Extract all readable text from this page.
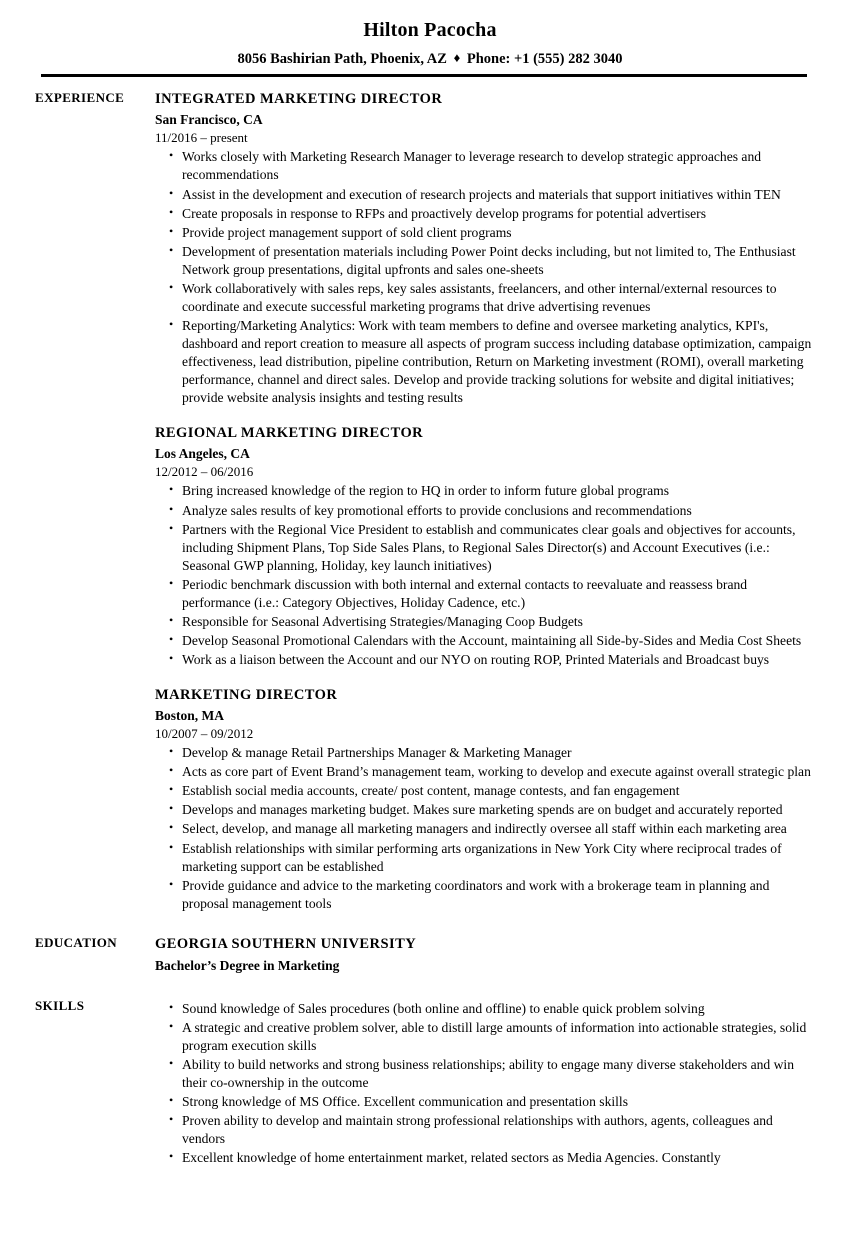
Hilton Pacocha
8056 Bashirian Path, Phoenix, AZ ♦ Phone: +1 (555) 282 3040
EXPERIENCE	INTEGRATED MARKETING DIRECTOR
San Francisco, CA
11/2016 – present
• Works closely with Marketing Research Manager to leverage research to develop strategic approaches and recommendations
• Assist in the development and execution of research projects and materials that support initiatives within TEN
• Create proposals in response to RFPs and proactively develop programs for potential advertisers
• Provide project management support of sold client programs
• Development of presentation materials including Power Point decks including, but not limited to, The Enthusiast Network group presentations, digital upfronts and sales one-sheets
• Work collaboratively with sales reps, key sales assistants, freelancers, and other internal/external resources to coordinate and execute successful marketing programs that drive advertising revenues
• Reporting/Marketing Analytics: Work with team members to define and oversee marketing analytics, KPI's, dashboard and report creation to measure all aspects of program success including database optimization, campaign effectiveness, lead distribution, pipeline contribution, Return on Marketing investment (ROMI), overall marketing performance, channel and direct sales. Develop and provide tracking solutions for website and digital initiatives; provide website analysis insights and testing results
REGIONAL MARKETING DIRECTOR
Los Angeles, CA
12/2012 – 06/2016
• Bring increased knowledge of the region to HQ in order to inform future global programs
• Analyze sales results of key promotional efforts to provide conclusions and recommendations
• Partners with the Regional Vice President to establish and communicates clear goals and objectives for accounts, including Shipment Plans, Top Side Sales Plans, to Regional Sales Director(s) and Account Executives (i.e.: Seasonal GWP planning, Holiday, key launch initiatives)
• Periodic benchmark discussion with both internal and external contacts to reevaluate and reassess brand performance (i.e.: Category Objectives, Holiday Cadence, etc.)
• Responsible for Seasonal Advertising Strategies/Managing Coop Budgets
• Develop Seasonal Promotional Calendars with the Account, maintaining all Side-by-Sides and Media Cost Sheets
• Work as a liaison between the Account and our NYO on routing ROP, Printed Materials and Broadcast buys
MARKETING DIRECTOR
Boston, MA
10/2007 – 09/2012
• Develop & manage Retail Partnerships Manager & Marketing Manager
• Acts as core part of Event Brand’s management team, working to develop and execute against overall strategic plan
• Establish social media accounts, create/ post content, manage contests, and fan engagement
• Develops and manages marketing budget. Makes sure marketing spends are on budget and accurately reported
• Select, develop, and manage all marketing managers and indirectly oversee all staff within each marketing area
• Establish relationships with similar performing arts organizations in New York City where reciprocal trades of marketing support can be established
• Provide guidance and advice to the marketing coordinators and work with a brokerage team in planning and proposal management tools
EDUCATION	GEORGIA SOUTHERN UNIVERSITY
Bachelor’s Degree in Marketing
SKILLS	• Sound knowledge of Sales procedures (both online and offline) to enable quick problem solving
• A strategic and creative problem solver, able to distill large amounts of information into actionable strategies, solid program execution skills
• Ability to build networks and strong business relationships; ability to engage many diverse stakeholders and win their co-ownership in the outcome
• Strong knowledge of MS Office. Excellent communication and presentation skills
• Proven ability to develop and maintain strong professional relationships with authors, agents, colleagues and vendors
• Excellent knowledge of home entertainment market, related sectors as Media Agencies. Constantly
